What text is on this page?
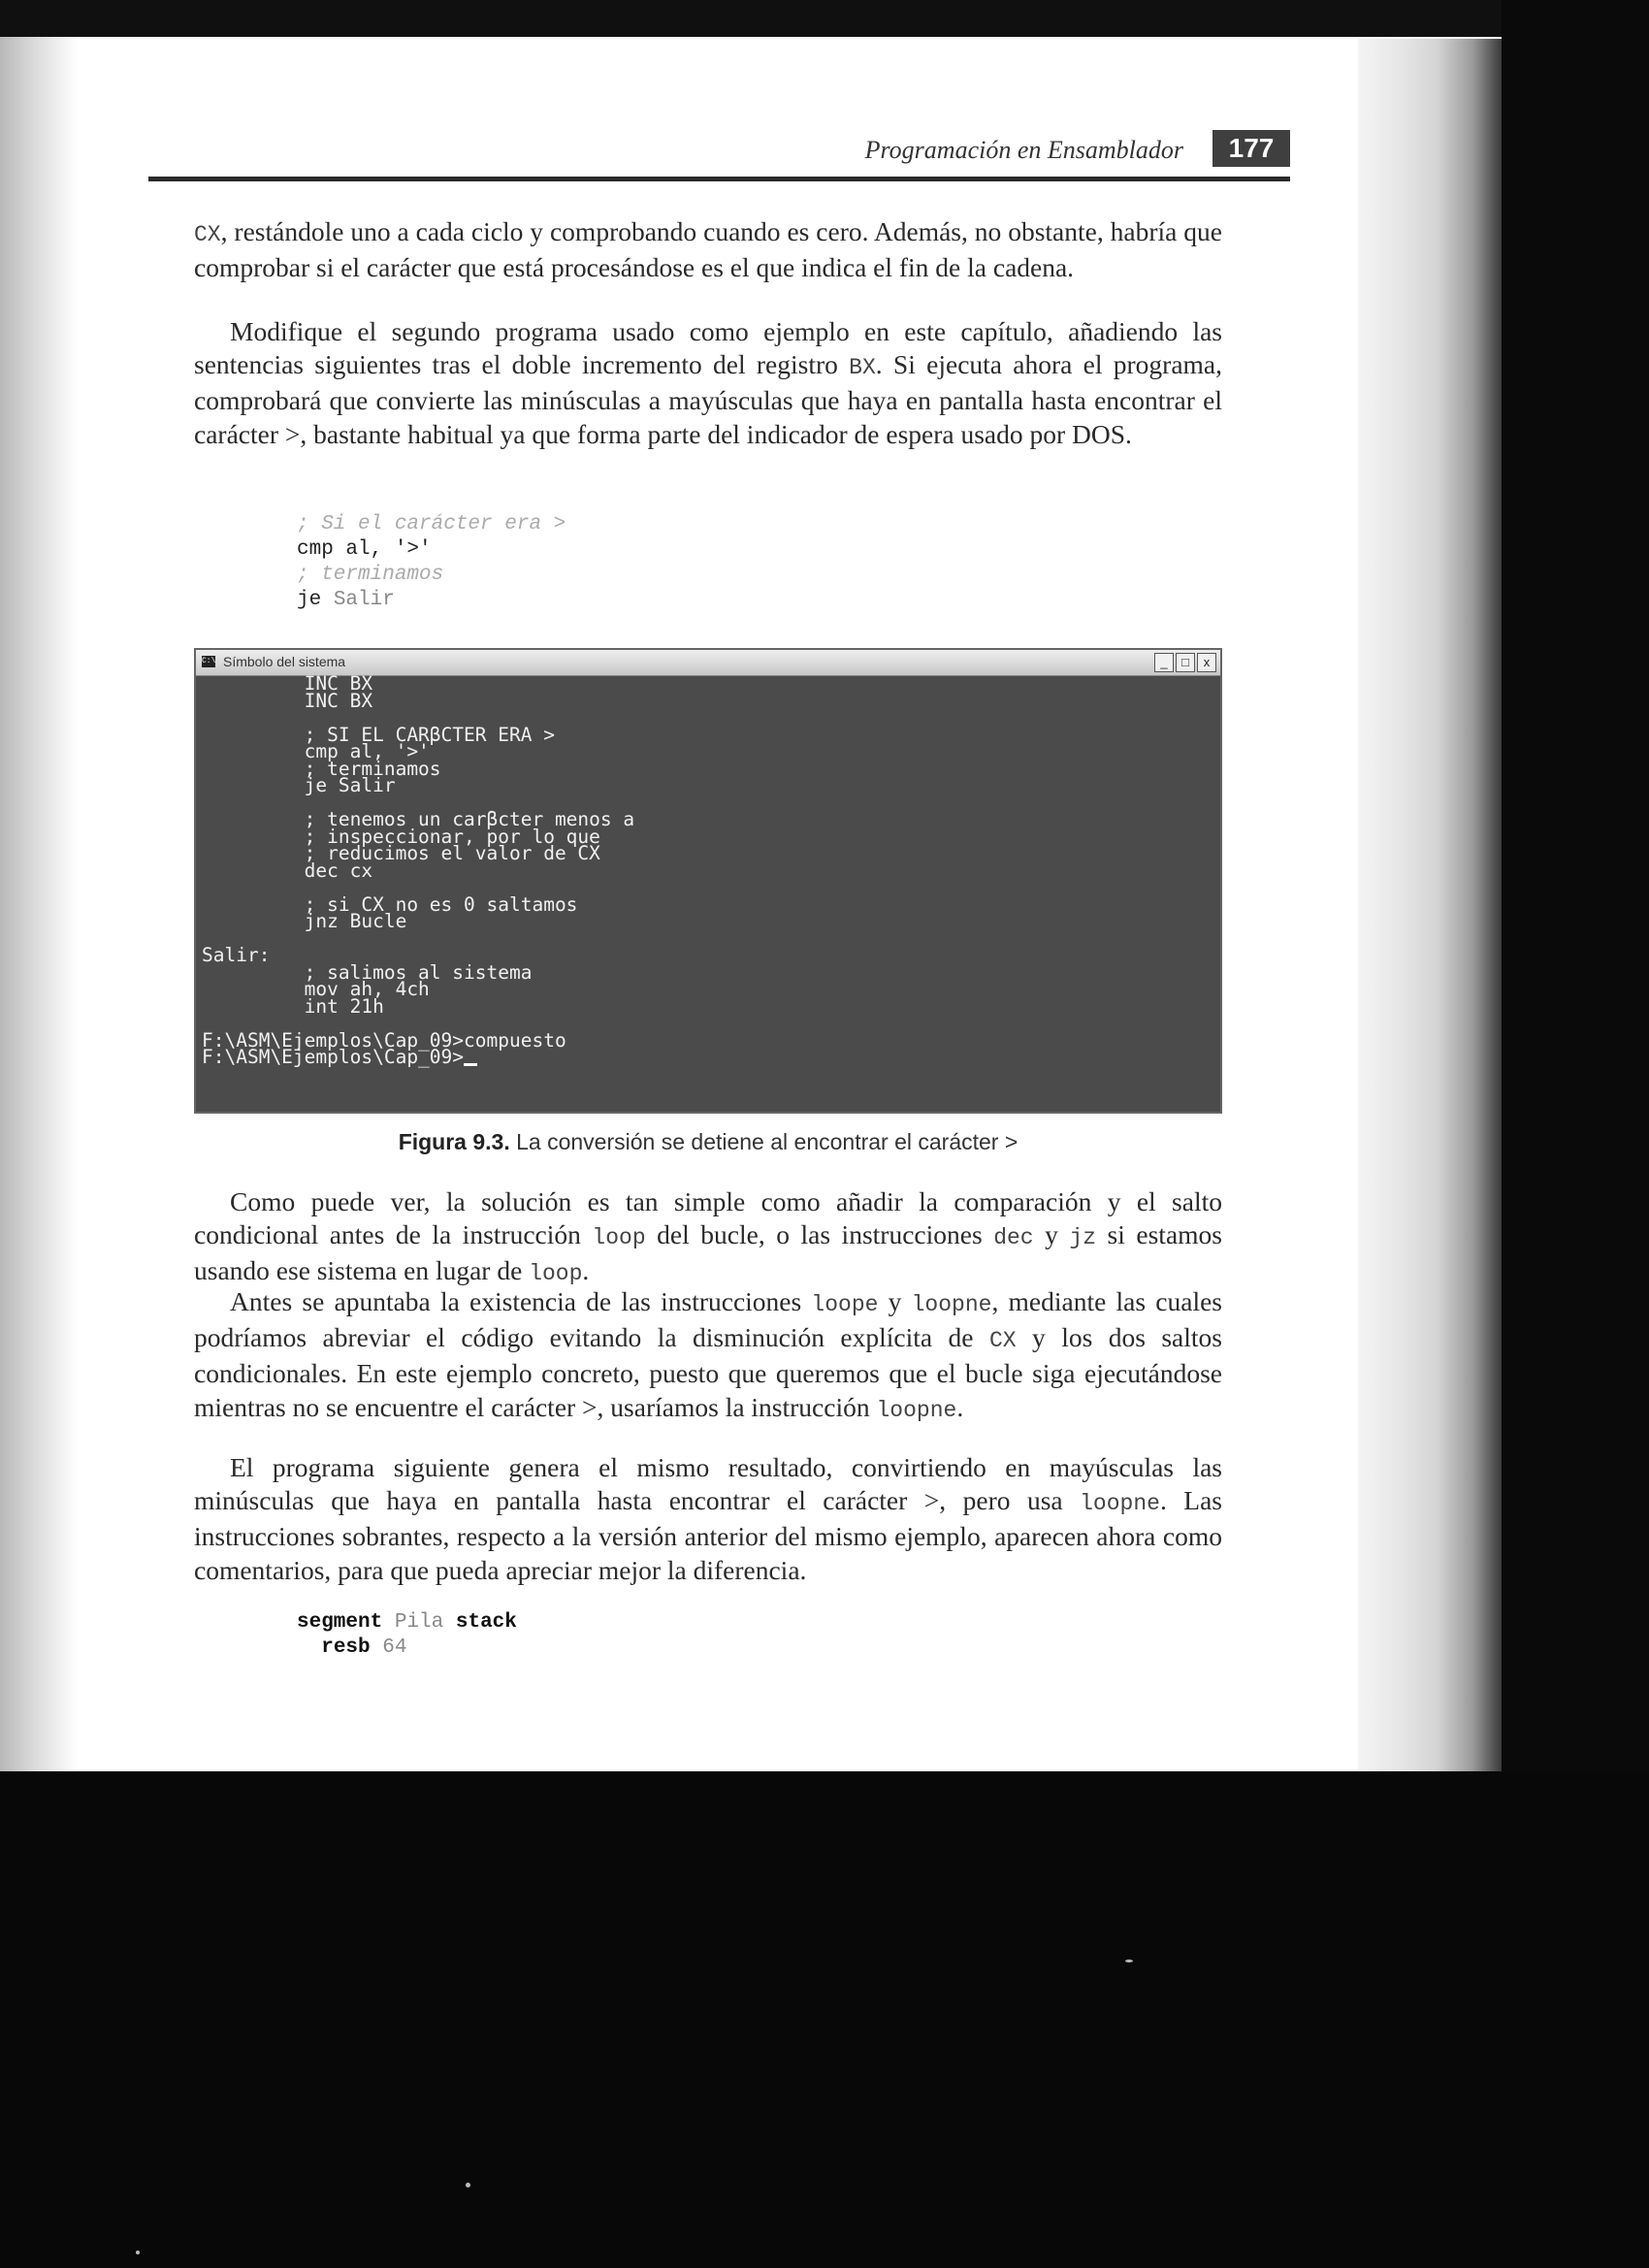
Programación en Ensamblador	177

CX, restándole uno a cada ciclo y comprobando cuando es cero. Además, no obstante, habría que comprobar si el carácter que está procesándose es el que indica el fin de la cadena.

Modifique el segundo programa usado como ejemplo en este capítulo, añadiendo las sentencias siguientes tras el doble incremento del registro BX. Si ejecuta ahora el programa, comprobará que convierte las minúsculas a mayúsculas que haya en pantalla hasta encontrar el carácter >, bastante habitual ya que forma parte del indicador de espera usado por DOS.

; Si el carácter era >
cmp al, '>'
; terminamos
je Salir
C:\ Símbolo del sistema	_	□	x
INC BX
INC BX

; SI EL CARβCTER ERA >
cmp al, '>'
; terminamos
je Salir

; tenemos un carβcter menos a
; inspeccionar, por lo que
; reducimos el valor de CX
dec cx

; si CX no es 0 saltamos
jnz Bucle

Salir:
; salimos al sistema
mov ah, 4ch
int 21h

F:\ASM\Ejemplos\Cap_09>compuesto
F:\ASM\Ejemplos\Cap_09>
Figura 9.3. La conversión se detiene al encontrar el carácter >

Como puede ver, la solución es tan simple como añadir la comparación y el salto condicional antes de la instrucción loop del bucle, o las instrucciones dec y jz si estamos usando ese sistema en lugar de loop.

Antes se apuntaba la existencia de las instrucciones loope y loopne, mediante las cuales podríamos abreviar el código evitando la disminución explícita de CX y los dos saltos condicionales. En este ejemplo concreto, puesto que queremos que el bucle siga ejecutándose mientras no se encuentre el carácter >, usaríamos la instrucción loopne.

El programa siguiente genera el mismo resultado, convirtiendo en mayúsculas las minúsculas que haya en pantalla hasta encontrar el carácter >, pero usa loopne. Las instrucciones sobrantes, respecto a la versión anterior del mismo ejemplo, aparecen ahora como comentarios, para que pueda apreciar mejor la diferencia.

segment Pila stack
resb 64
